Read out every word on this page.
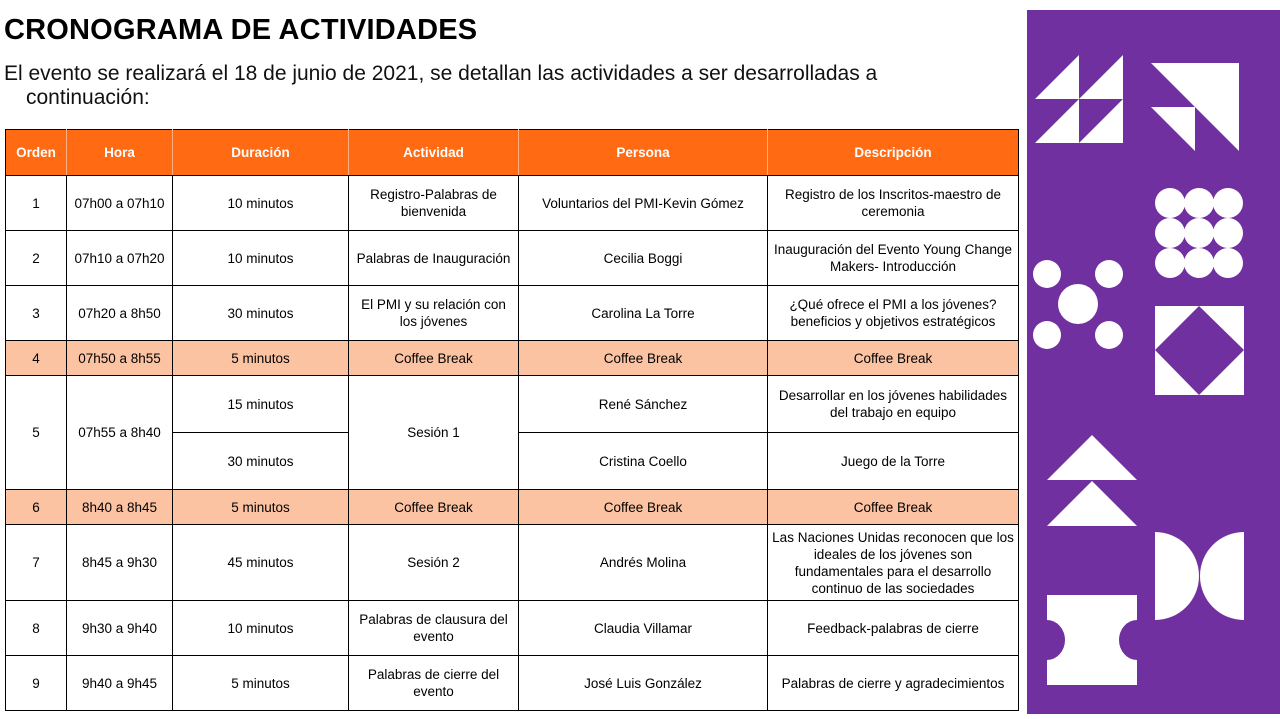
CRONOGRAMA DE ACTIVIDADES
El evento se realizará el 18 de junio de 2021, se detallan las actividades a ser desarrolladas a
continuación:
Orden	Hora	Duración	Actividad	Persona	Descripción
1	07h00 a 07h10	10 minutos	Registro-Palabras de bienvenida	Voluntarios del PMI-Kevin Gómez	Registro de los Inscritos-maestro de ceremonia
2	07h10 a 07h20	10 minutos	Palabras de Inauguración	Cecilia Boggi	Inauguración del Evento Young Change Makers- Introducción
3	07h20 a 8h50	30 minutos	El PMI y su relación con los jóvenes	Carolina La Torre	¿Qué ofrece el PMI a los jóvenes? beneficios y objetivos estratégicos
4	07h50 a 8h55	5 minutos	Coffee Break	Coffee Break	Coffee Break
5	07h55 a 8h40	15 minutos	Sesión 1	René Sánchez	Desarrollar en los jóvenes habilidades del trabajo en equipo
		30 minutos		Cristina Coello	Juego de la Torre
6	8h40 a 8h45	5 minutos	Coffee Break	Coffee Break	Coffee Break
7	8h45 a 9h30	45 minutos	Sesión 2	Andrés Molina	Las Naciones Unidas reconocen que los ideales de los jóvenes son fundamentales para el desarrollo continuo de las sociedades
8	9h30 a 9h40	10 minutos	Palabras de clausura del evento	Claudia Villamar	Feedback-palabras de cierre
9	9h40 a 9h45	5 minutos	Palabras de cierre del evento	José Luis González	Palabras de cierre y agradecimientos
